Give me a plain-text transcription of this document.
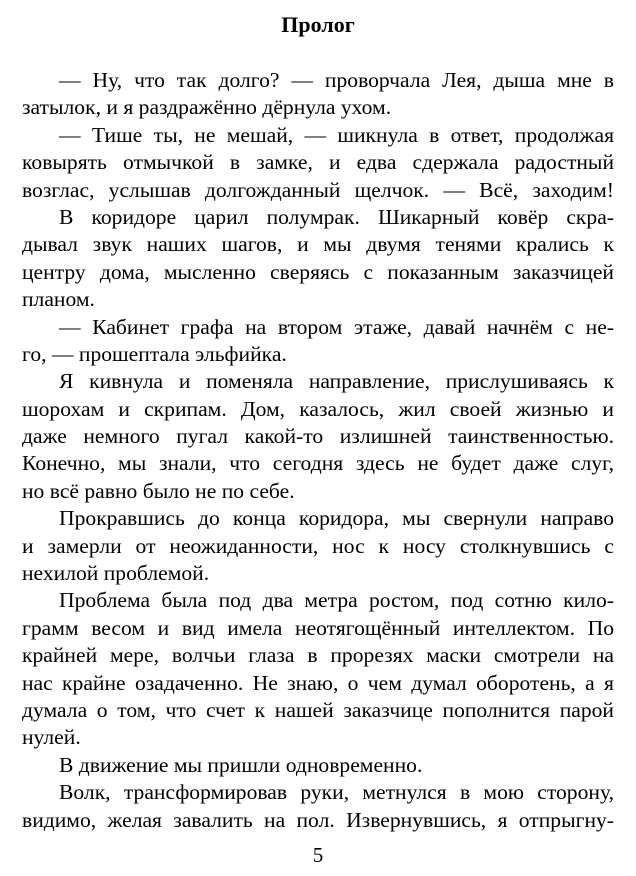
Пролог
— Ну, что так долго? — проворчала Лея, дыша мне в
затылок, и я раздражённо дёрнула ухом.
— Тише ты, не мешай, — шикнула в ответ, продолжая
ковырять отмычкой в замке, и едва сдержала радостный
возглас, услышав долгожданный щелчок. — Всё, заходим!
В коридоре царил полумрак. Шикарный ковёр скра-
дывал звук наших шагов, и мы двумя тенями крались к
центру дома, мысленно сверяясь с показанным заказчицей
планом.
— Кабинет графа на втором этаже, давай начнём с не-
го, — прошептала эльфийка.
Я кивнула и поменяла направление, прислушиваясь к
шорохам и скрипам. Дом, казалось, жил своей жизнью и
даже немного пугал какой-то излишней таинственностью.
Конечно, мы знали, что сегодня здесь не будет даже слуг,
но всё равно было не по себе.
Прокравшись до конца коридора, мы свернули направо
и замерли от неожиданности, нос к носу столкнувшись с
нехилой проблемой.
Проблема была под два метра ростом, под сотню кило-
грамм весом и вид имела неотягощённый интеллектом. По
крайней мере, волчьи глаза в прорезях маски смотрели на
нас крайне озадаченно. Не знаю, о чем думал оборотень, а я
думала о том, что счет к нашей заказчице пополнится парой
нулей.
В движение мы пришли одновременно.
Волк, трансформировав руки, метнулся в мою сторону,
видимо, желая завалить на пол. Извернувшись, я отпрыгну-
5
